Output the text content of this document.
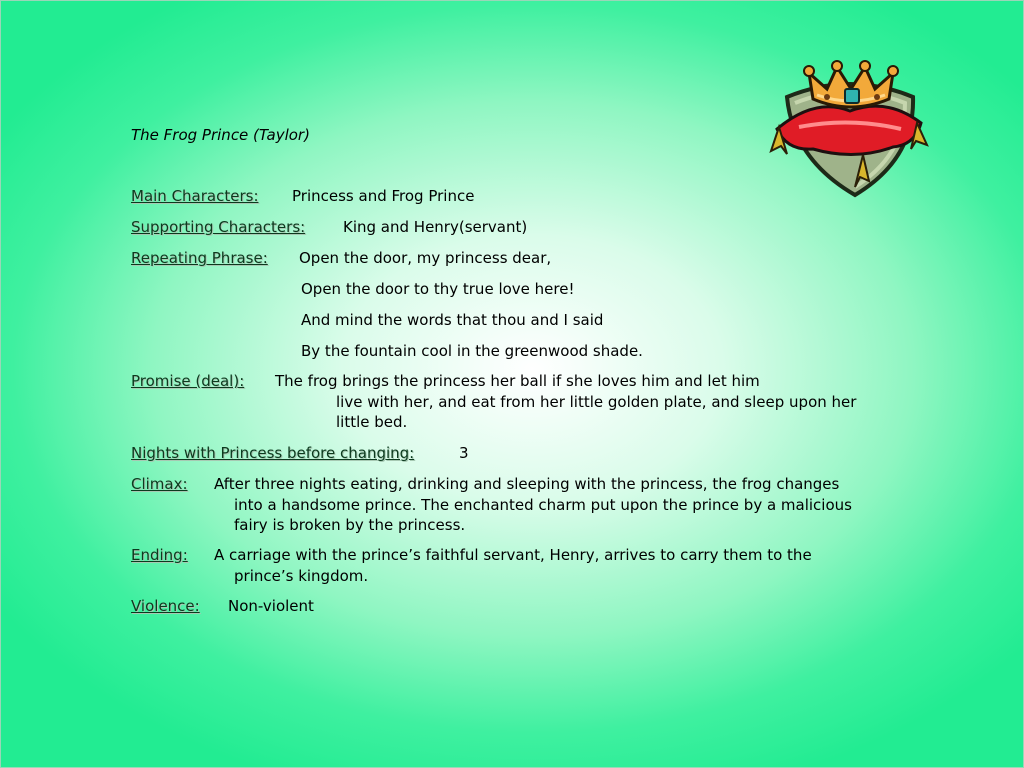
The Frog Prince (Taylor)
Main Characters: Princess and Frog Prince
Supporting Characters:	King and Henry(servant)
Repeating Phrase: Open the door, my princess dear,
Open the door to thy true love here!
And mind the words that thou and I said
By the fountain cool in the greenwood shade.
Promise (deal): The frog brings the princess her ball if she loves him and let him
live with her, and eat from her little golden plate, and sleep upon her
little bed.
Nights with Princess before changing:	3
Climax: After three nights eating, drinking and sleeping with the princess, the frog changes
into a handsome prince. The enchanted charm put upon the prince by a malicious
fairy is broken by the princess.
Ending: A carriage with the prince’s faithful servant, Henry, arrives to carry them to the
prince’s kingdom.
Violence: Non-violent
